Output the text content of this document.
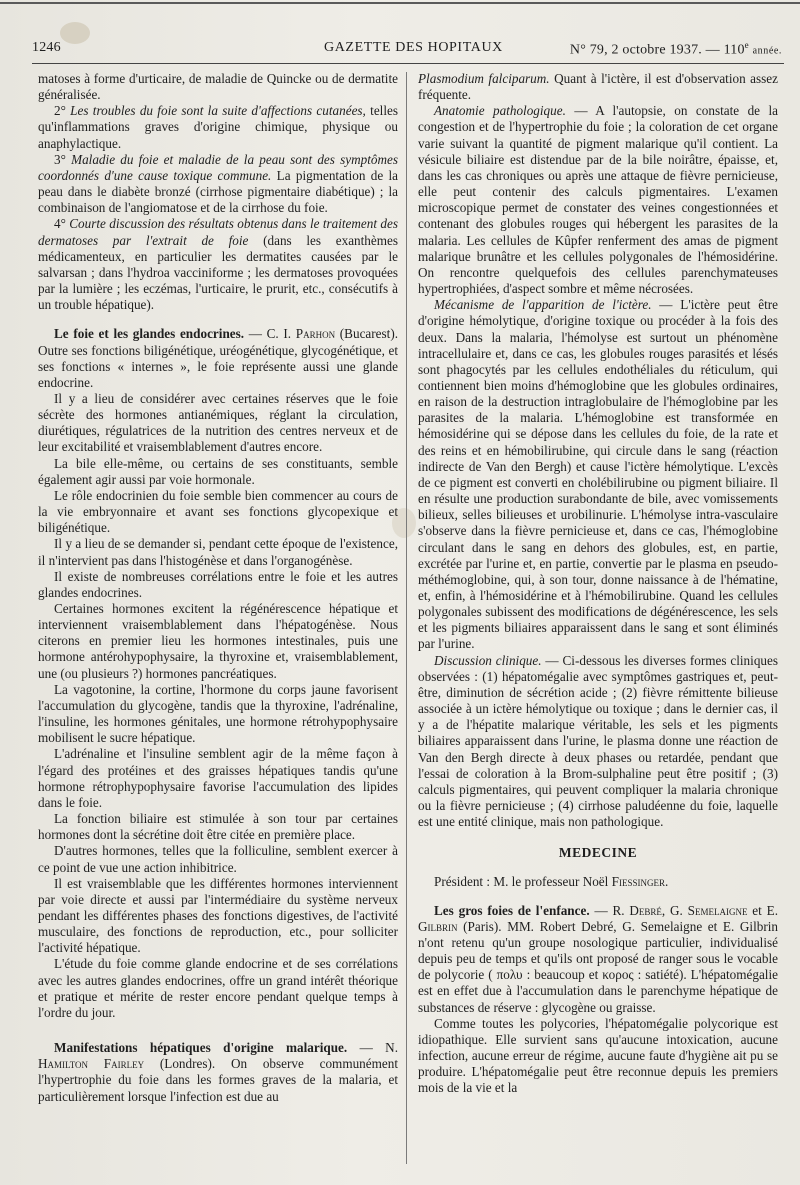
1246	GAZETTE DES HOPITAUX	N° 79, 2 octobre 1937. — 110e année.

matoses à forme d'urticaire, de maladie de Quincke ou de dermatite généralisée.

2° Les troubles du foie sont la suite d'affections cutanées, telles qu'inflammations graves d'origine chimique, physique ou anaphylactique.

3° Maladie du foie et maladie de la peau sont des symptômes coordonnés d'une cause toxique commune. La pigmentation de la peau dans le diabète bronzé (cirrhose pigmentaire diabétique) ; la combinaison de l'angiomatose et de la cirrhose du foie.

4° Courte discussion des résultats obtenus dans le traitement des dermatoses par l'extrait de foie (dans les exanthèmes médicamenteux, en particulier les dermatites causées par le salvarsan ; dans l'hydroa vacciniforme ; les dermatoses provoquées par la lumière ; les eczémas, l'urticaire, le prurit, etc., consécutifs à un trouble hépatique).

Le foie et les glandes endocrines. — C. I. Parhon (Bucarest). Outre ses fonctions biligénétique, uréogénétique, glycogénétique, et ses fonctions « internes », le foie représente aussi une glande endocrine.

Il y a lieu de considérer avec certaines réserves que le foie sécrète des hormones antianémiques, réglant la circulation, diurétiques, régulatrices de la nutrition des centres nerveux et de leur excitabilité et vraisemblablement d'autres encore.

La bile elle-même, ou certains de ses constituants, semble également agir aussi par voie hormonale.

Le rôle endocrinien du foie semble bien commencer au cours de la vie embryonnaire et avant ses fonctions glycopexique et biligénétique.

Il y a lieu de se demander si, pendant cette époque de l'existence, il n'intervient pas dans l'histogénèse et dans l'organogénèse.

Il existe de nombreuses corrélations entre le foie et les autres glandes endocrines.

Certaines hormones excitent la régénérescence hépatique et interviennent vraisemblablement dans l'hépatogénèse. Nous citerons en premier lieu les hormones intestinales, puis une hormone antérohypophysaire, la thyroxine et, vraisemblablement, une (ou plusieurs ?) hormones pancréatiques.

La vagotonine, la cortine, l'hormone du corps jaune favorisent l'accumulation du glycogène, tandis que la thyroxine, l'adrénaline, l'insuline, les hormones génitales, une hormone rétrohypophysaire mobilisent le sucre hépatique.

L'adrénaline et l'insuline semblent agir de la même façon à l'égard des protéines et des graisses hépatiques tandis qu'une hormone rétrophypophysaire favorise l'accumulation des lipides dans le foie.

La fonction biliaire est stimulée à son tour par certaines hormones dont la sécrétine doit être citée en première place.

D'autres hormones, telles que la folliculine, semblent exercer à ce point de vue une action inhibitrice.

Il est vraisemblable que les différentes hormones interviennent par voie directe et aussi par l'intermédiaire du système nerveux pendant les différentes phases des fonctions digestives, de l'activité musculaire, des fonctions de reproduction, etc., pour solliciter l'activité hépatique.

L'étude du foie comme glande endocrine et de ses corrélations avec les autres glandes endocrines, offre un grand intérêt théorique et pratique et mérite de rester encore pendant quelque temps à l'ordre du jour.

Manifestations hépatiques d'origine malarique. — N. Hamilton Fairley (Londres). On observe communément l'hypertrophie du foie dans les formes graves de la malaria, et particulièrement lorsque l'infection est due au

Plasmodium falciparum. Quant à l'ictère, il est d'observation assez fréquente.

Anatomie pathologique. — A l'autopsie, on constate de la congestion et de l'hypertrophie du foie ; la coloration de cet organe varie suivant la quantité de pigment malarique qu'il contient. La vésicule biliaire est distendue par de la bile noirâtre, épaisse, et, dans les cas chroniques ou après une attaque de fièvre pernicieuse, elle peut contenir des calculs pigmentaires. L'examen microscopique permet de constater des veines congestionnées et contenant des globules rouges qui hébergent les parasites de la malaria. Les cellules de Kûpfer renferment des amas de pigment malarique brunâtre et les cellules polygonales de l'hémosidérine. On rencontre quelquefois des cellules parenchymateuses hypertrophiées, d'aspect sombre et même nécrosées.

Mécanisme de l'apparition de l'ictère. — L'ictère peut être d'origine hémolytique, d'origine toxique ou procéder à la fois des deux. Dans la malaria, l'hémolyse est surtout un phénomène intracellulaire et, dans ce cas, les globules rouges parasités et lésés sont phagocytés par les cellules endothéliales du réticulum, qui contiennent bien moins d'hémoglobine que les globules ordinaires, en raison de la destruction intraglobulaire de l'hémoglobine par les parasites de la malaria. L'hémoglobine est transformée en hémosidérine qui se dépose dans les cellules du foie, de la rate et des reins et en hémobilirubine, qui circule dans le sang (réaction indirecte de Van den Bergh) et cause l'ictère hémolytique. L'excès de ce pigment est converti en cholébilirubine ou pigment biliaire. Il en résulte une production surabondante de bile, avec vomissements bilieux, selles bilieuses et urobilinurie. L'hémolyse intra-vasculaire s'observe dans la fièvre pernicieuse et, dans ce cas, l'hémoglobine circulant dans le sang en dehors des globules, est, en partie, excrétée par l'urine et, en partie, convertie par le plasma en pseudo-méthémoglobine, qui, à son tour, donne naissance à de l'hématine, et, enfin, à l'hémosidérine et à l'hémobilirubine. Quand les cellules polygonales subissent des modifications de dégénérescence, les sels et les pigments biliaires apparaissent dans le sang et sont éliminés par l'urine.

Discussion clinique. — Ci-dessous les diverses formes cliniques observées : (1) hépatomégalie avec symptômes gastriques et, peut-être, diminution de sécrétion acide ; (2) fièvre rémittente bilieuse associée à un ictère hémolytique ou toxique ; dans le dernier cas, il y a de l'hépatite malarique véritable, les sels et les pigments biliaires apparaissent dans l'urine, le plasma donne une réaction de Van den Bergh directe à deux phases ou retardée, pendant que l'essai de coloration à la Brom-sulphaline peut être positif ; (3) calculs pigmentaires, qui peuvent compliquer la malaria chronique ou la fièvre pernicieuse ; (4) cirrhose paludéenne du foie, laquelle est une entité clinique, mais non pathologique.

MEDECINE

Président : M. le professeur Noël Fiessinger.

Les gros foies de l'enfance. — R. Debré, G. Semelaigne et E. Gilbrin (Paris). MM. Robert Debré, G. Semelaigne et E. Gilbrin n'ont retenu qu'un groupe nosologique particulier, individualisé depuis peu de temps et qu'ils ont proposé de ranger sous le vocable de polycorie ( πολυ : beaucoup et κορος : satiété). L'hépatomégalie est en effet due à l'accumulation dans le parenchyme hépatique de substances de réserve : glycogène ou graisse.

Comme toutes les polycories, l'hépatomégalie polycorique est idiopathique. Elle survient sans qu'aucune intoxication, aucune infection, aucune erreur de régime, aucune faute d'hygiène ait pu se produire. L'hépatomégalie peut être reconnue depuis les premiers mois de la vie et la
